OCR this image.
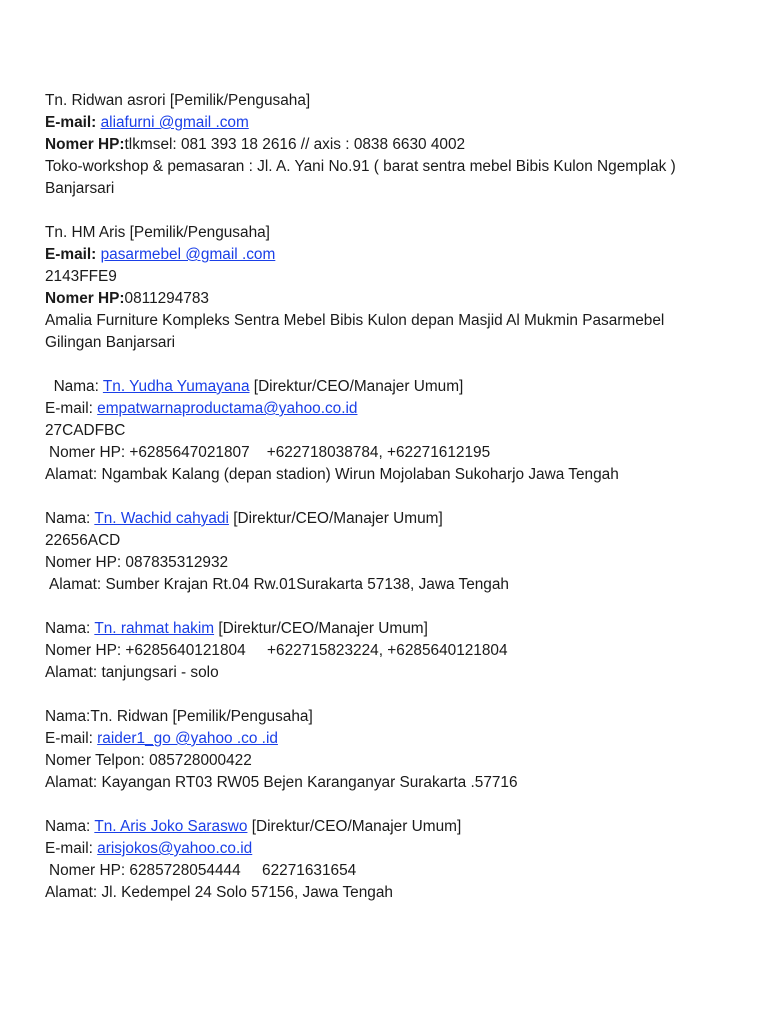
Tn. Ridwan asrori [Pemilik/Pengusaha]
E-mail: aliafurni @gmail .com
Nomer HP:tlkmsel: 081 393 18 2616 // axis : 0838 6630 4002
Toko-workshop & pemasaran : Jl. A. Yani No.91 ( barat sentra mebel Bibis Kulon Ngemplak )
Banjarsari
Tn. HM Aris [Pemilik/Pengusaha]
E-mail: pasarmebel @gmail .com
2143FFE9
Nomer HP:0811294783
Amalia Furniture Kompleks Sentra Mebel Bibis Kulon depan Masjid Al Mukmin Pasarmebel
Gilingan Banjarsari
Nama: Tn. Yudha Yumayana [Direktur/CEO/Manajer Umum]
E-mail: empatwarnaproductama@yahoo.co.id
27CADFBC
Nomer HP: +6285647021807    +622718038784, +62271612195
Alamat: Ngambak Kalang (depan stadion) Wirun Mojolaban Sukoharjo Jawa Tengah
Nama: Tn. Wachid cahyadi [Direktur/CEO/Manajer Umum]
22656ACD
Nomer HP: 087835312932
Alamat: Sumber Krajan Rt.04 Rw.01Surakarta 57138, Jawa Tengah
Nama: Tn. rahmat hakim [Direktur/CEO/Manajer Umum]
Nomer HP: +6285640121804     +622715823224, +6285640121804
Alamat: tanjungsari - solo
Nama:Tn. Ridwan [Pemilik/Pengusaha]
E-mail: raider1_go @yahoo .co .id
Nomer Telpon: 085728000422
Alamat: Kayangan RT03 RW05 Bejen Karanganyar Surakarta .57716
Nama: Tn. Aris Joko Saraswo [Direktur/CEO/Manajer Umum]
E-mail: arisjokos@yahoo.co.id
Nomer HP: 6285728054444     62271631654
Alamat: Jl. Kedempel 24 Solo 57156, Jawa Tengah
